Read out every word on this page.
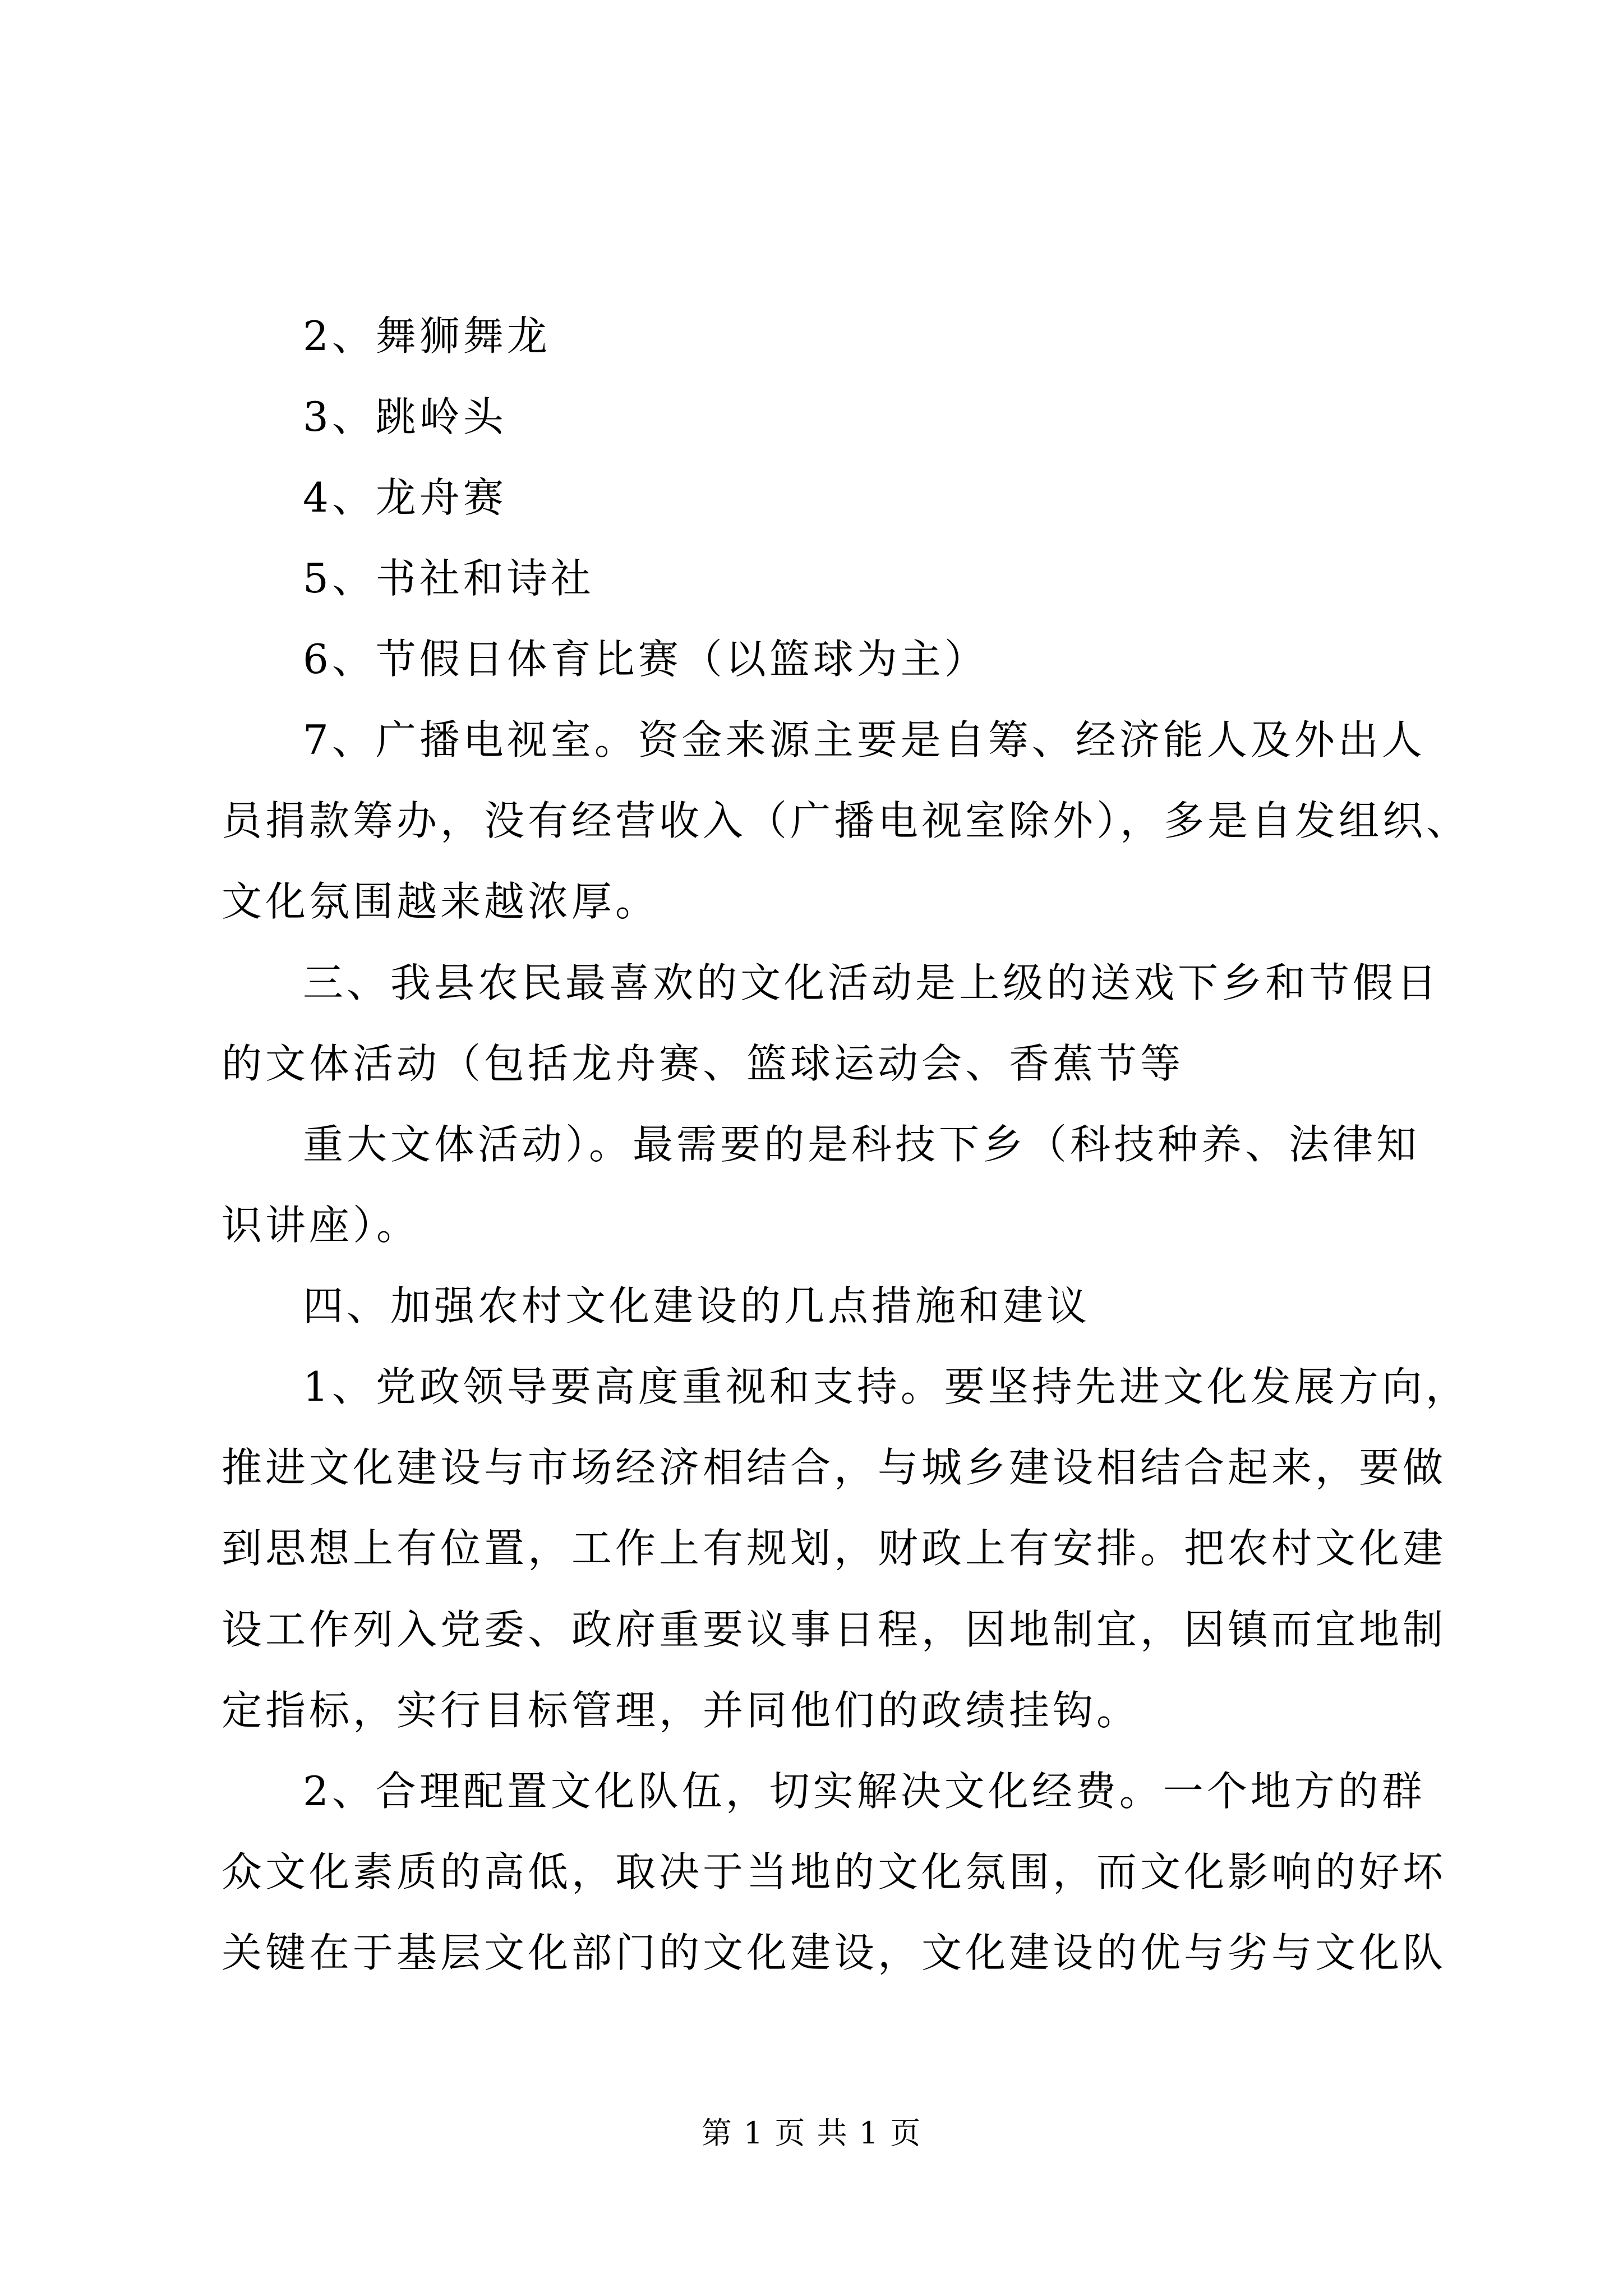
2、舞狮舞龙
3、跳岭头
4、龙舟赛
5、书社和诗社
6、节假日体育比赛（以篮球为主）
7、广播电视室。资金来源主要是自筹、经济能人及外出人
员捐款筹办，没有经营收入（广播电视室除外），多是自发组织、
文化氛围越来越浓厚。
三、我县农民最喜欢的文化活动是上级的送戏下乡和节假日
的文体活动（包括龙舟赛、篮球运动会、香蕉节等
重大文体活动）。最需要的是科技下乡（科技种养、法律知
识讲座）。
四、加强农村文化建设的几点措施和建议
1、党政领导要高度重视和支持。要坚持先进文化发展方向，
推进文化建设与市场经济相结合，与城乡建设相结合起来，要做
到思想上有位置，工作上有规划，财政上有安排。把农村文化建
设工作列入党委、政府重要议事日程，因地制宜，因镇而宜地制
定指标，实行目标管理，并同他们的政绩挂钩。
2、合理配置文化队伍，切实解决文化经费。一个地方的群
众文化素质的高低，取决于当地的文化氛围，而文化影响的好坏
关键在于基层文化部门的文化建设，文化建设的优与劣与文化队
第 1 页 共 1 页
